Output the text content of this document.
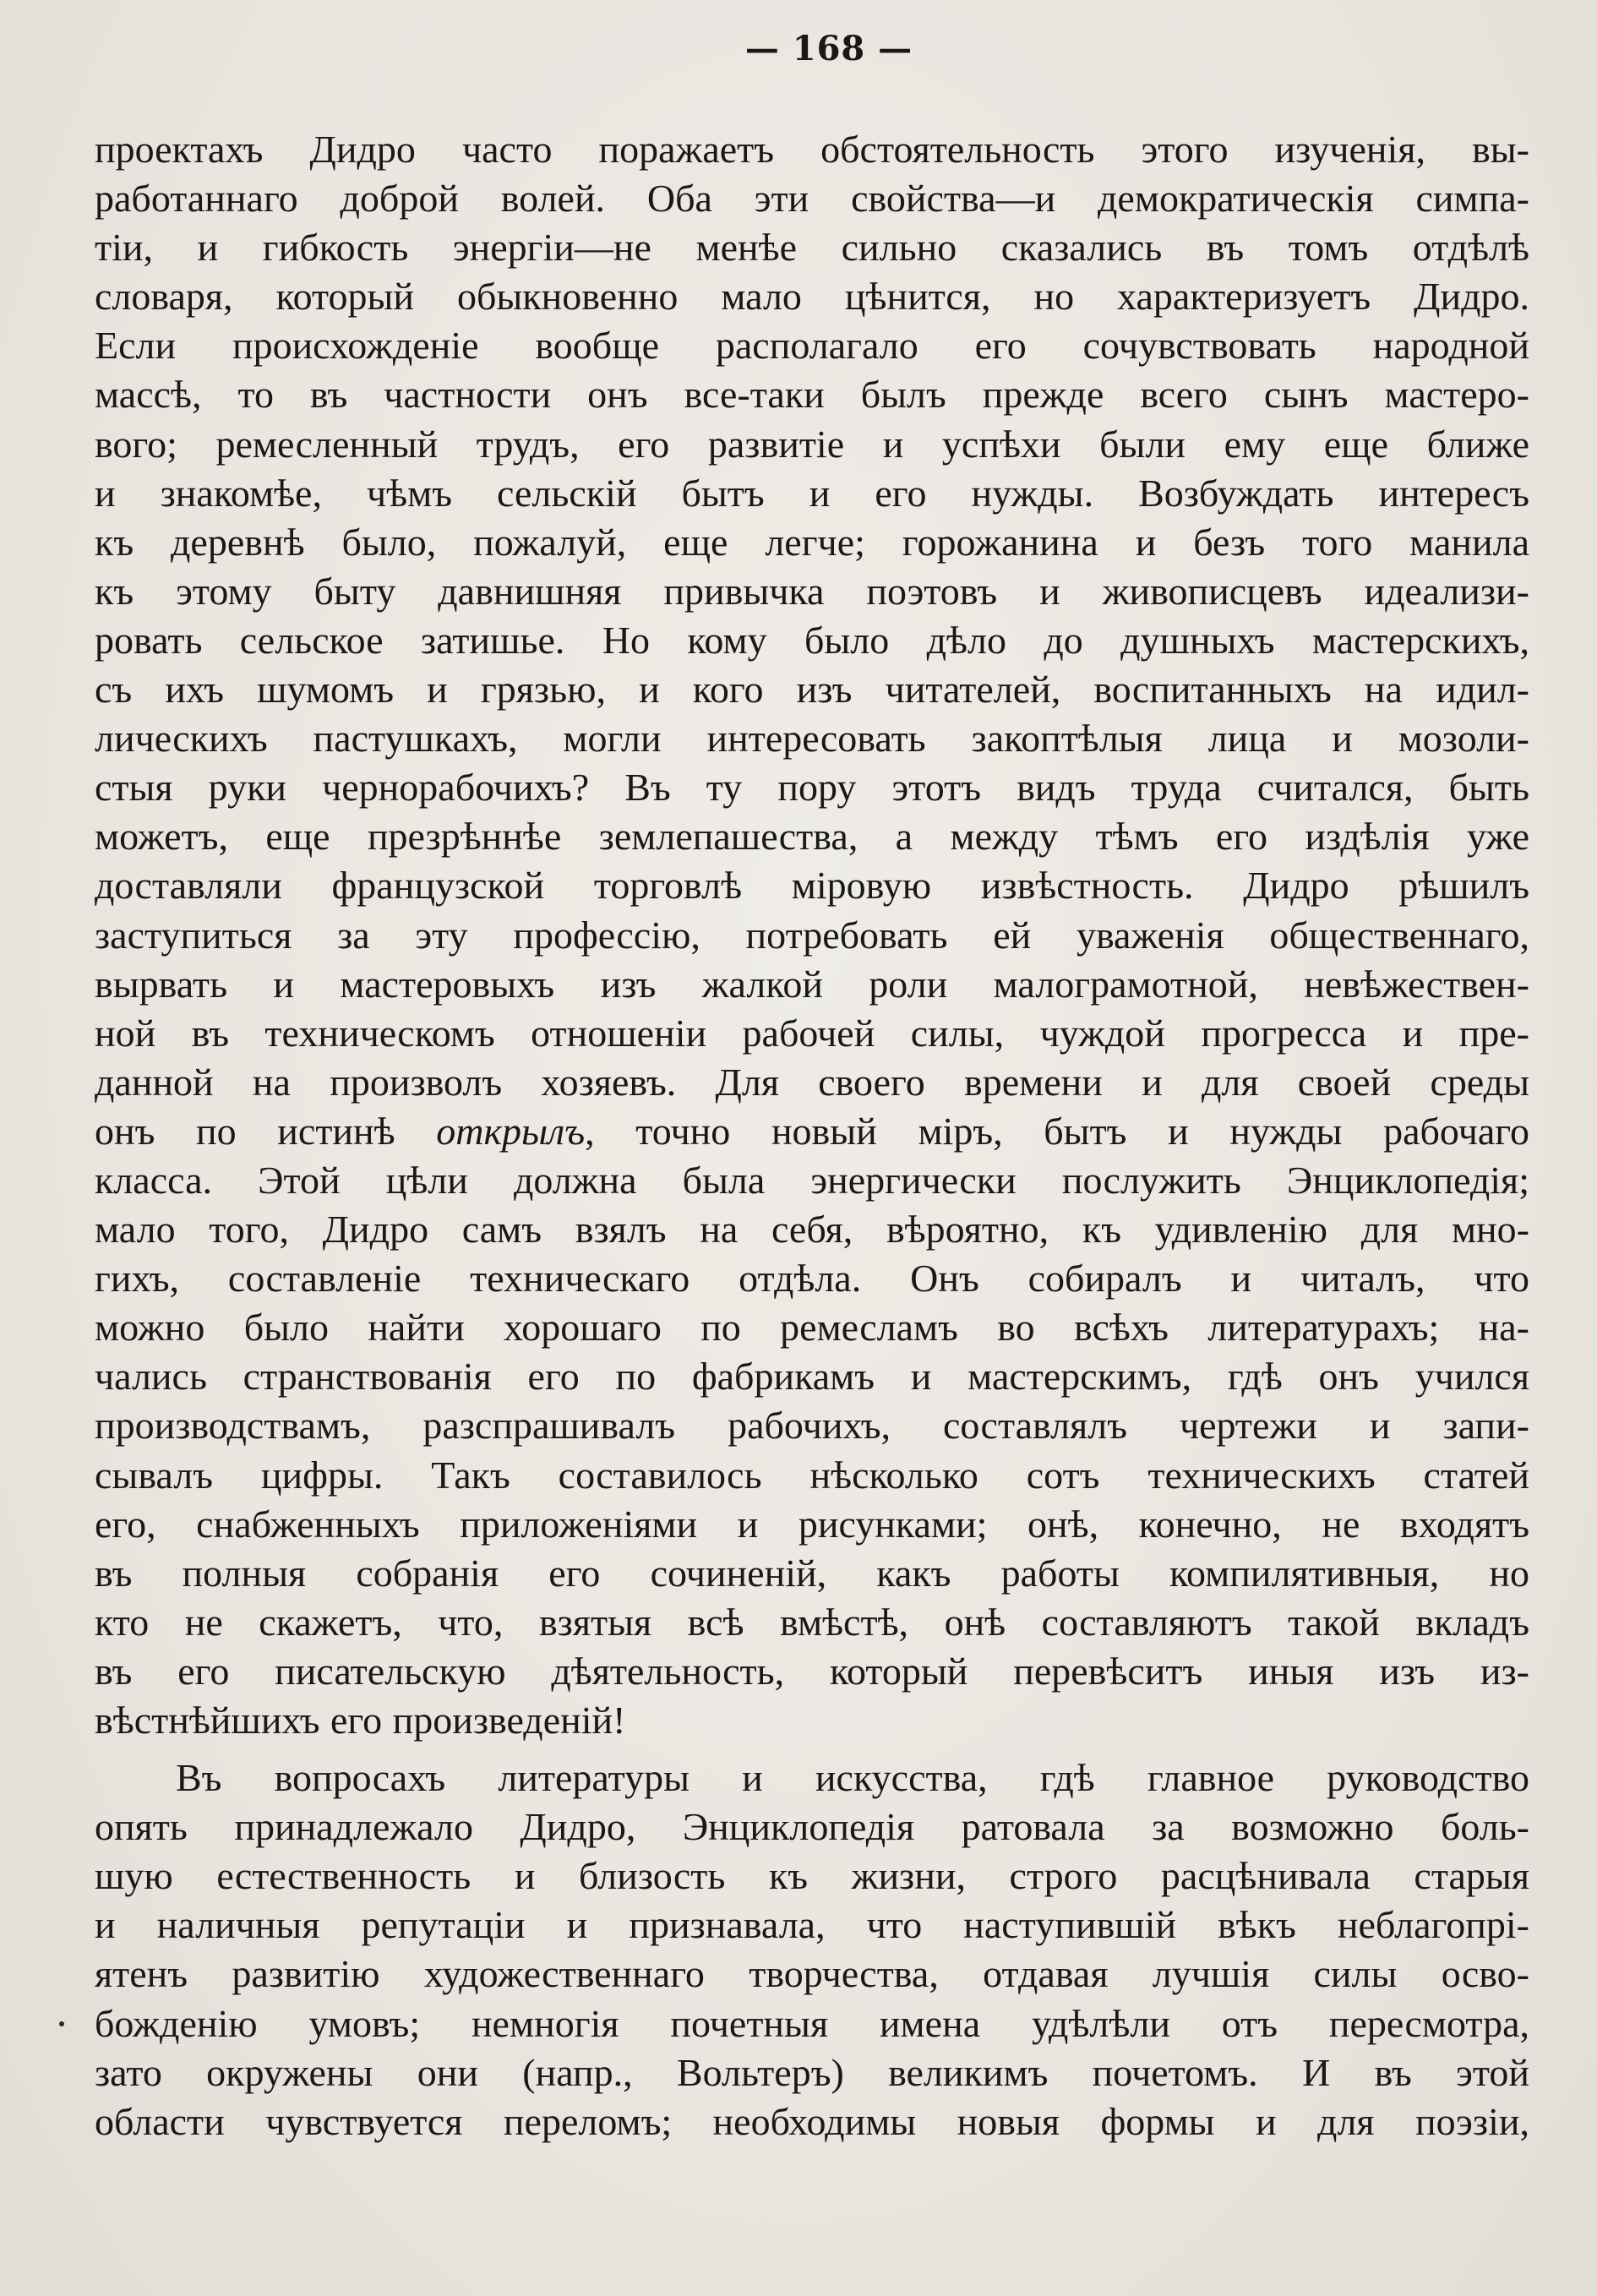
— 168 —

проектахъ Дидро часто поражаетъ обстоятельность этого изученія, вы-
работаннаго доброй волей. Оба эти свойства—и демократическія симпа-
тіи, и гибкость энергіи—не менѣе сильно сказались въ томъ отдѣлѣ
словаря, который обыкновенно мало цѣнится, но характеризуетъ Дидро.
Если происхожденіе вообще располагало его сочувствовать народной
массѣ, то въ частности онъ все-таки былъ прежде всего сынъ мастеро-
вого; ремесленный трудъ, его развитіе и успѣхи были ему еще ближе
и знакомѣе, чѣмъ сельскій бытъ и его нужды. Возбуждать интересъ
къ деревнѣ было, пожалуй, еще легче; горожанина и безъ того манила
къ этому быту давнишняя привычка поэтовъ и живописцевъ идеализи-
ровать сельское затишье. Но кому было дѣло до душныхъ мастерскихъ,
съ ихъ шумомъ и грязью, и кого изъ читателей, воспитанныхъ на идил-
лическихъ пастушкахъ, могли интересовать закоптѣлыя лица и мозоли-
стыя руки чернорабочихъ? Въ ту пору этотъ видъ труда считался, быть
можетъ, еще презрѣннѣе землепашества, а между тѣмъ его издѣлія уже
доставляли французской торговлѣ міровую извѣстность. Дидро рѣшилъ
заступиться за эту профессію, потребовать ей уваженія общественнаго,
вырвать и мастеровыхъ изъ жалкой роли малограмотной, невѣжествен-
ной въ техническомъ отношеніи рабочей силы, чуждой прогресса и пре-
данной на произволъ хозяевъ. Для своего времени и для своей среды
онъ по истинѣ открылъ, точно новый міръ, бытъ и нужды рабочаго
класса. Этой цѣли должна была энергически послужить Энциклопедія;
мало того, Дидро самъ взялъ на себя, вѣроятно, къ удивленію для мно-
гихъ, составленіе техническаго отдѣла. Онъ собиралъ и читалъ, что
можно было найти хорошаго по ремесламъ во всѣхъ литературахъ; на-
чались странствованія его по фабрикамъ и мастерскимъ, гдѣ онъ учился
производствамъ, разспрашивалъ рабочихъ, составлялъ чертежи и запи-
сывалъ цифры. Такъ составилось нѣсколько сотъ техническихъ статей
его, снабженныхъ приложеніями и рисунками; онѣ, конечно, не входятъ
въ полныя собранія его сочиненій, какъ работы компилятивныя, но
кто не скажетъ, что, взятыя всѣ вмѣстѣ, онѣ составляютъ такой вкладъ
въ его писательскую дѣятельность, который перевѣситъ иныя изъ из-
вѣстнѣйшихъ его произведеній!

Въ вопросахъ литературы и искусства, гдѣ главное руководство
опять принадлежало Дидро, Энциклопедія ратовала за возможно боль-
шую естественность и близость къ жизни, строго расцѣнивала старыя
и наличныя репутаціи и признавала, что наступившій вѣкъ неблагопрі-
ятенъ развитію художественнаго творчества, отдавая лучшія силы осво-
божденію умовъ; немногія почетныя имена удѣлѣли отъ пересмотра,
зато окружены они (напр., Вольтеръ) великимъ почетомъ. И въ этой
области чувствуется переломъ; необходимы новыя формы и для поэзіи,
